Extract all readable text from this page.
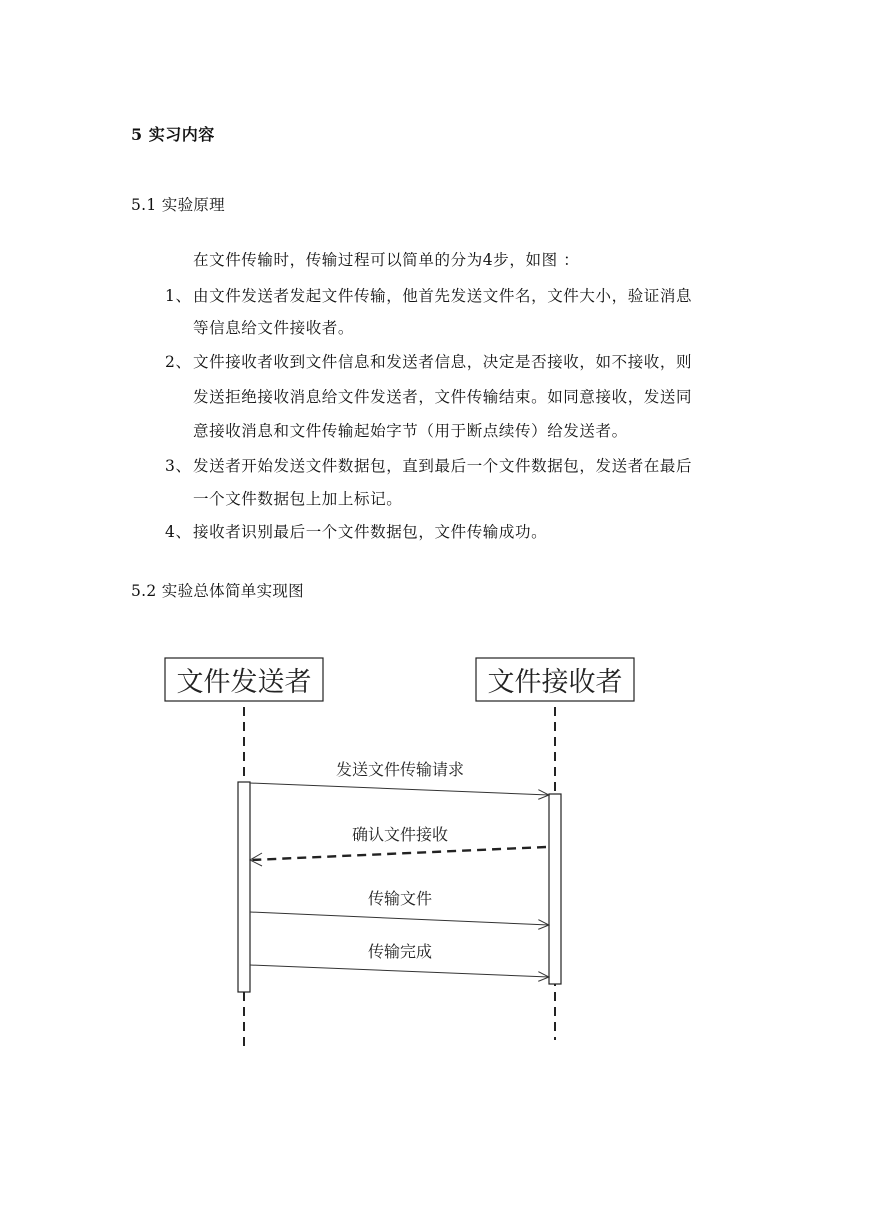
5 实习内容
5.1 实验原理
在文件传输时，传输过程可以简单的分为4步，如图 ：
1、 由文件发送者发起文件传输，他首先发送文件名，文件大小，验证消息
等信息给文件接收者。
2、 文件接收者收到文件信息和发送者信息，决定是否接收，如不接收，则
发送拒绝接收消息给文件发送者，文件传输结束。如同意接收，发送同
意接收消息和文件传输起始字节（用于断点续传）给发送者。
3、 发送者开始发送文件数据包，直到最后一个文件数据包，发送者在最后
一个文件数据包上加上标记。
4、 接收者识别最后一个文件数据包，文件传输成功。
5.2 实验总体简单实现图
文件发送者	文件接收者
发送文件传输请求
确认文件接收
传输文件
传输完成
